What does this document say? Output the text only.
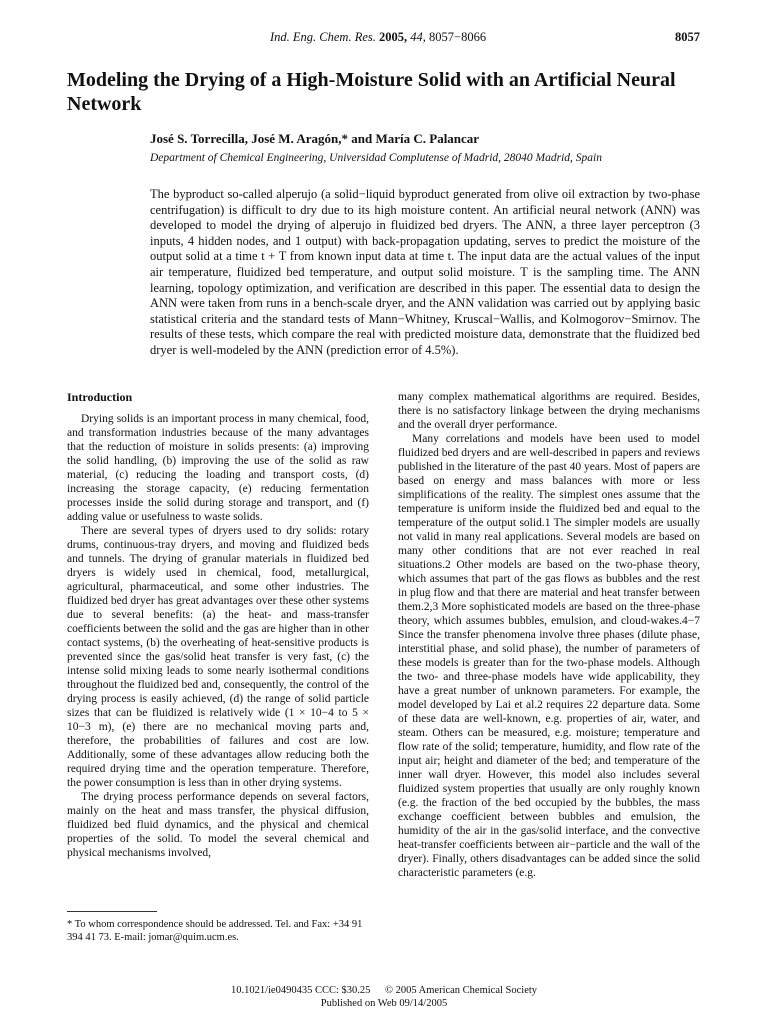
Ind. Eng. Chem. Res. 2005, 44, 8057−8066	8057
Modeling the Drying of a High-Moisture Solid with an Artificial Neural Network
José S. Torrecilla, José M. Aragón,* and María C. Palancar
Department of Chemical Engineering, Universidad Complutense of Madrid, 28040 Madrid, Spain
The byproduct so-called alperujo (a solid−liquid byproduct generated from olive oil extraction by two-phase centrifugation) is difficult to dry due to its high moisture content. An artificial neural network (ANN) was developed to model the drying of alperujo in fluidized bed dryers. The ANN, a three layer perceptron (3 inputs, 4 hidden nodes, and 1 output) with back-propagation updating, serves to predict the moisture of the output solid at a time t + T from known input data at time t. The input data are the actual values of the input air temperature, fluidized bed temperature, and output solid moisture. T is the sampling time. The ANN learning, topology optimization, and verification are described in this paper. The essential data to design the ANN were taken from runs in a bench-scale dryer, and the ANN validation was carried out by applying basic statistical criteria and the standard tests of Mann−Whitney, Kruscal−Wallis, and Kolmogorov−Smirnov. The results of these tests, which compare the real with predicted moisture data, demonstrate that the fluidized bed dryer is well-modeled by the ANN (prediction error of 4.5%).
Introduction

Drying solids is an important process in many chemical, food, and transformation industries because of the many advantages that the reduction of moisture in solids presents: (a) improving the solid handling, (b) improving the use of the solid as raw material, (c) reducing the loading and transport costs, (d) increasing the storage capacity, (e) reducing fermentation processes inside the solid during storage and transport, and (f) adding value or usefulness to waste solids.

There are several types of dryers used to dry solids: rotary drums, continuous-tray dryers, and moving and fluidized beds and tunnels. The drying of granular materials in fluidized bed dryers is widely used in chemical, food, metallurgical, agricultural, pharmaceutical, and some other industries. The fluidized bed dryer has great advantages over these other systems due to several benefits: (a) the heat- and mass-transfer coefficients between the solid and the gas are higher than in other contact systems, (b) the overheating of heat-sensitive products is prevented since the gas/solid heat transfer is very fast, (c) the intense solid mixing leads to some nearly isothermal conditions throughout the fluidized bed and, consequently, the control of the drying process is easily achieved, (d) the range of solid particle sizes that can be fluidized is relatively wide (1 × 10−4 to 5 × 10−3 m), (e) there are no mechanical moving parts and, therefore, the probabilities of failures and cost are low. Additionally, some of these advantages allow reducing both the required drying time and the operation temperature. Therefore, the power consumption is less than in other drying systems.

The drying process performance depends on several factors, mainly on the heat and mass transfer, the physical diffusion, fluidized bed fluid dynamics, and the physical and chemical properties of the solid. To model the several chemical and physical mechanisms involved,

many complex mathematical algorithms are required. Besides, there is no satisfactory linkage between the drying mechanisms and the overall dryer performance.

Many correlations and models have been used to model fluidized bed dryers and are well-described in papers and reviews published in the literature of the past 40 years. Most of papers are based on energy and mass balances with more or less simplifications of the reality. The simplest ones assume that the temperature is uniform inside the fluidized bed and equal to the temperature of the output solid.1 The simpler models are usually not valid in many real applications. Several models are based on many other conditions that are not ever reached in real situations.2 Other models are based on the two-phase theory, which assumes that part of the gas flows as bubbles and the rest in plug flow and that there are material and heat transfer between them.2,3 More sophisticated models are based on the three-phase theory, which assumes bubbles, emulsion, and cloud-wakes.4−7 Since the transfer phenomena involve three phases (dilute phase, interstitial phase, and solid phase), the number of parameters of these models is greater than for the two-phase models. Although the two- and three-phase models have wide applicability, they have a great number of unknown parameters. For example, the model developed by Lai et al.2 requires 22 departure data. Some of these data are well-known, e.g. properties of air, water, and steam. Others can be measured, e.g. moisture; temperature and flow rate of the solid; temperature, humidity, and flow rate of the input air; height and diameter of the bed; and temperature of the inner wall dryer. However, this model also includes several fluidized system properties that usually are only roughly known (e.g. the fraction of the bed occupied by the bubbles, the mass exchange coefficient between bubbles and emulsion, the humidity of the air in the gas/solid interface, and the convective heat-transfer coefficients between air−particle and the wall of the dryer). Finally, others disadvantages can be added since the solid characteristic parameters (e.g.

* To whom correspondence should be addressed. Tel. and Fax: +34 91 394 41 73. E-mail: jomar@quim.ucm.es.
10.1021/ie0490435 CCC: $30.25 © 2005 American Chemical Society
Published on Web 09/14/2005
